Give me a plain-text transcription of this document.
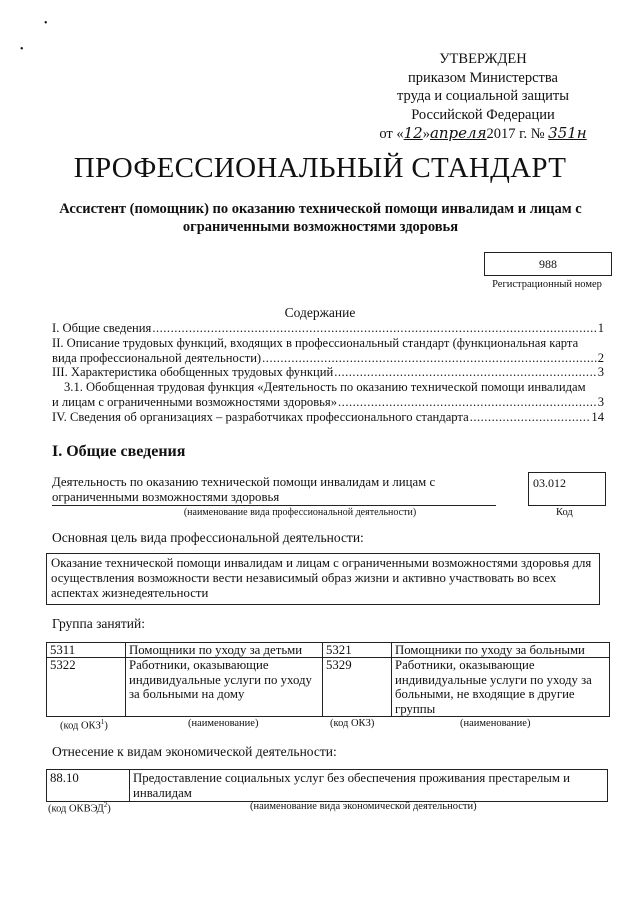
•
•
УТВЕРЖДЕН
приказом Министерства
труда и социальной защиты
Российской Федерации
от «12»апреля2017 г. № 351н
ПРОФЕССИОНАЛЬНЫЙ СТАНДАРТ
Ассистент (помощник) по оказанию технической помощи инвалидам и лицам с ограниченными возможностями здоровья
988
Регистрационный номер
Содержание
I. Общие сведения .....	1
II. Описание трудовых функций, входящих в профессиональный стандарт (функциональная карта
вида профессиональной деятельности) .....	2
III. Характеристика обобщенных трудовых функций .....	3
3.1. Обобщенная трудовая функция «Деятельность по оказанию технической помощи инвалидам
и лицам с ограниченными возможностями здоровья» .....	3
IV. Сведения об организациях – разработчиках профессионального стандарта .....	14
I. Общие сведения
Деятельность по оказанию технической помощи инвалидам и лицам с
ограниченными возможностями здоровья
(наименование вида профессиональной деятельности)
03.012
Код
Основная цель вида профессиональной деятельности:
Оказание технической помощи инвалидам и лицам с ограниченными возможностями здоровья для осуществления возможности вести независимый образ жизни и активно участвовать во всех аспектах жизнедеятельности
Группа занятий:
5311	Помощники по уходу за детьми	5321	Помощники по уходу за больными
5322	Работники, оказывающие индивидуальные услуги по уходу за больными на дому	5329	Работники, оказывающие индивидуальные услуги по уходу за больными, не входящие в другие группы
(код ОКЗ$^1$)	(наименование)	(код ОКЗ)	(наименование)
Отнесение к видам экономической деятельности:
88.10	Предоставление социальных услуг без обеспечения проживания престарелым и инвалидам
(код ОКВЭД$^2$)	(наименование вида экономической деятельности)
